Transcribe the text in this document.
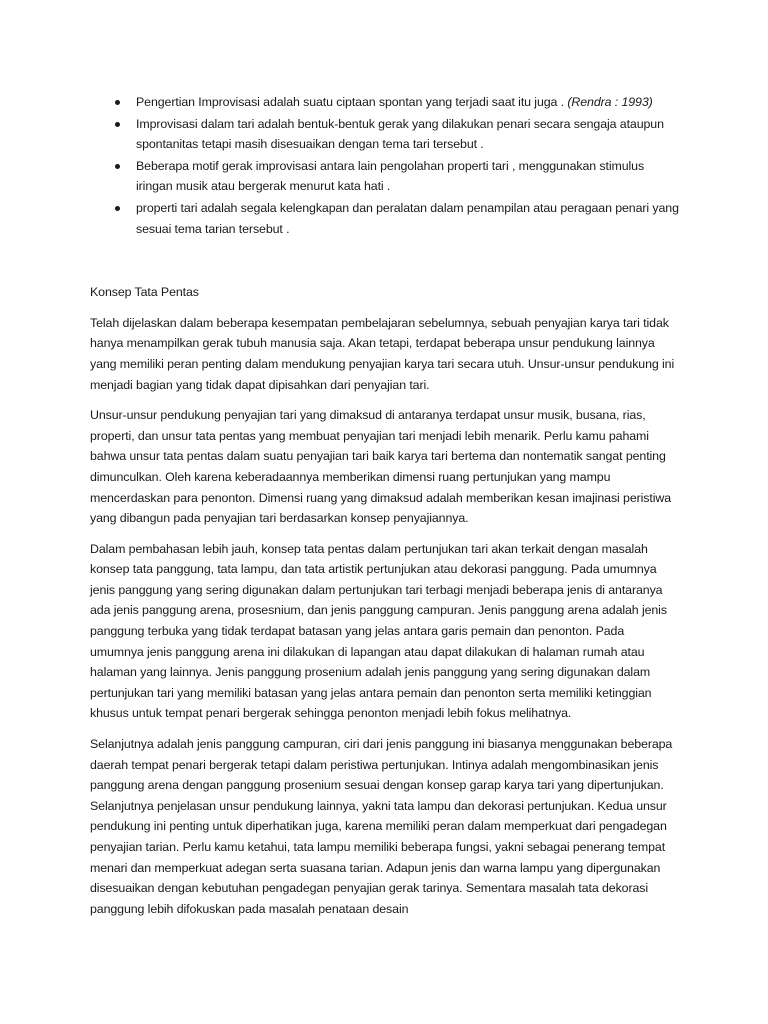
Pengertian Improvisasi adalah suatu ciptaan spontan yang terjadi saat itu juga . (Rendra : 1993)
Improvisasi dalam tari adalah bentuk-bentuk gerak yang dilakukan penari secara sengaja ataupun spontanitas tetapi masih disesuaikan dengan tema tari tersebut .
Beberapa motif gerak improvisasi antara lain pengolahan properti tari , menggunakan stimulus iringan musik atau bergerak menurut kata hati .
properti tari adalah segala kelengkapan dan peralatan dalam penampilan atau peragaan penari yang sesuai tema tarian tersebut .
Konsep Tata Pentas

Telah dijelaskan dalam beberapa kesempatan pembelajaran sebelumnya, sebuah penyajian karya tari tidak hanya menampilkan gerak tubuh manusia saja. Akan tetapi, terdapat beberapa unsur pendukung lainnya yang memiliki peran penting dalam mendukung penyajian karya tari secara utuh. Unsur-unsur pendukung ini menjadi bagian yang tidak dapat dipisahkan dari penyajian tari.

Unsur-unsur pendukung penyajian tari yang dimaksud di antaranya terdapat unsur musik, busana, rias, properti, dan unsur tata pentas yang membuat penyajian tari menjadi lebih menarik. Perlu kamu pahami bahwa unsur tata pentas dalam suatu penyajian tari baik karya tari bertema dan nontematik sangat penting dimunculkan. Oleh karena keberadaannya memberikan dimensi ruang pertunjukan yang mampu mencerdaskan para penonton. Dimensi ruang yang dimaksud adalah memberikan kesan imajinasi peristiwa yang dibangun pada penyajian tari berdasarkan konsep penyajiannya.

Dalam pembahasan lebih jauh, konsep tata pentas dalam pertunjukan tari akan terkait dengan masalah konsep tata panggung, tata lampu, dan tata artistik pertunjukan atau dekorasi panggung. Pada umumnya jenis panggung yang sering digunakan dalam pertunjukan tari terbagi menjadi beberapa jenis di antaranya ada jenis panggung arena, prosesnium, dan jenis panggung campuran. Jenis panggung arena adalah jenis panggung terbuka yang tidak terdapat batasan yang jelas antara garis pemain dan penonton. Pada umumnya jenis panggung arena ini dilakukan di lapangan atau dapat dilakukan di halaman rumah atau halaman yang lainnya. Jenis panggung prosenium adalah jenis panggung yang sering digunakan dalam pertunjukan tari yang memiliki batasan yang jelas antara pemain dan penonton serta memiliki ketinggian khusus untuk tempat penari bergerak sehingga penonton menjadi lebih fokus melihatnya.

Selanjutnya adalah jenis panggung campuran, ciri dari jenis panggung ini biasanya menggunakan beberapa daerah tempat penari bergerak tetapi dalam peristiwa pertunjukan. Intinya adalah mengombinasikan jenis panggung arena dengan panggung prosenium sesuai dengan konsep garap karya tari yang dipertunjukan. Selanjutnya penjelasan unsur pendukung lainnya, yakni tata lampu dan dekorasi pertunjukan. Kedua unsur pendukung ini penting untuk diperhatikan juga, karena memiliki peran dalam memperkuat dari pengadegan penyajian tarian. Perlu kamu ketahui, tata lampu memiliki beberapa fungsi, yakni sebagai penerang tempat menari dan memperkuat adegan serta suasana tarian. Adapun jenis dan warna lampu yang dipergunakan disesuaikan dengan kebutuhan pengadegan penyajian gerak tarinya. Sementara masalah tata dekorasi panggung lebih difokuskan pada masalah penataan desain
